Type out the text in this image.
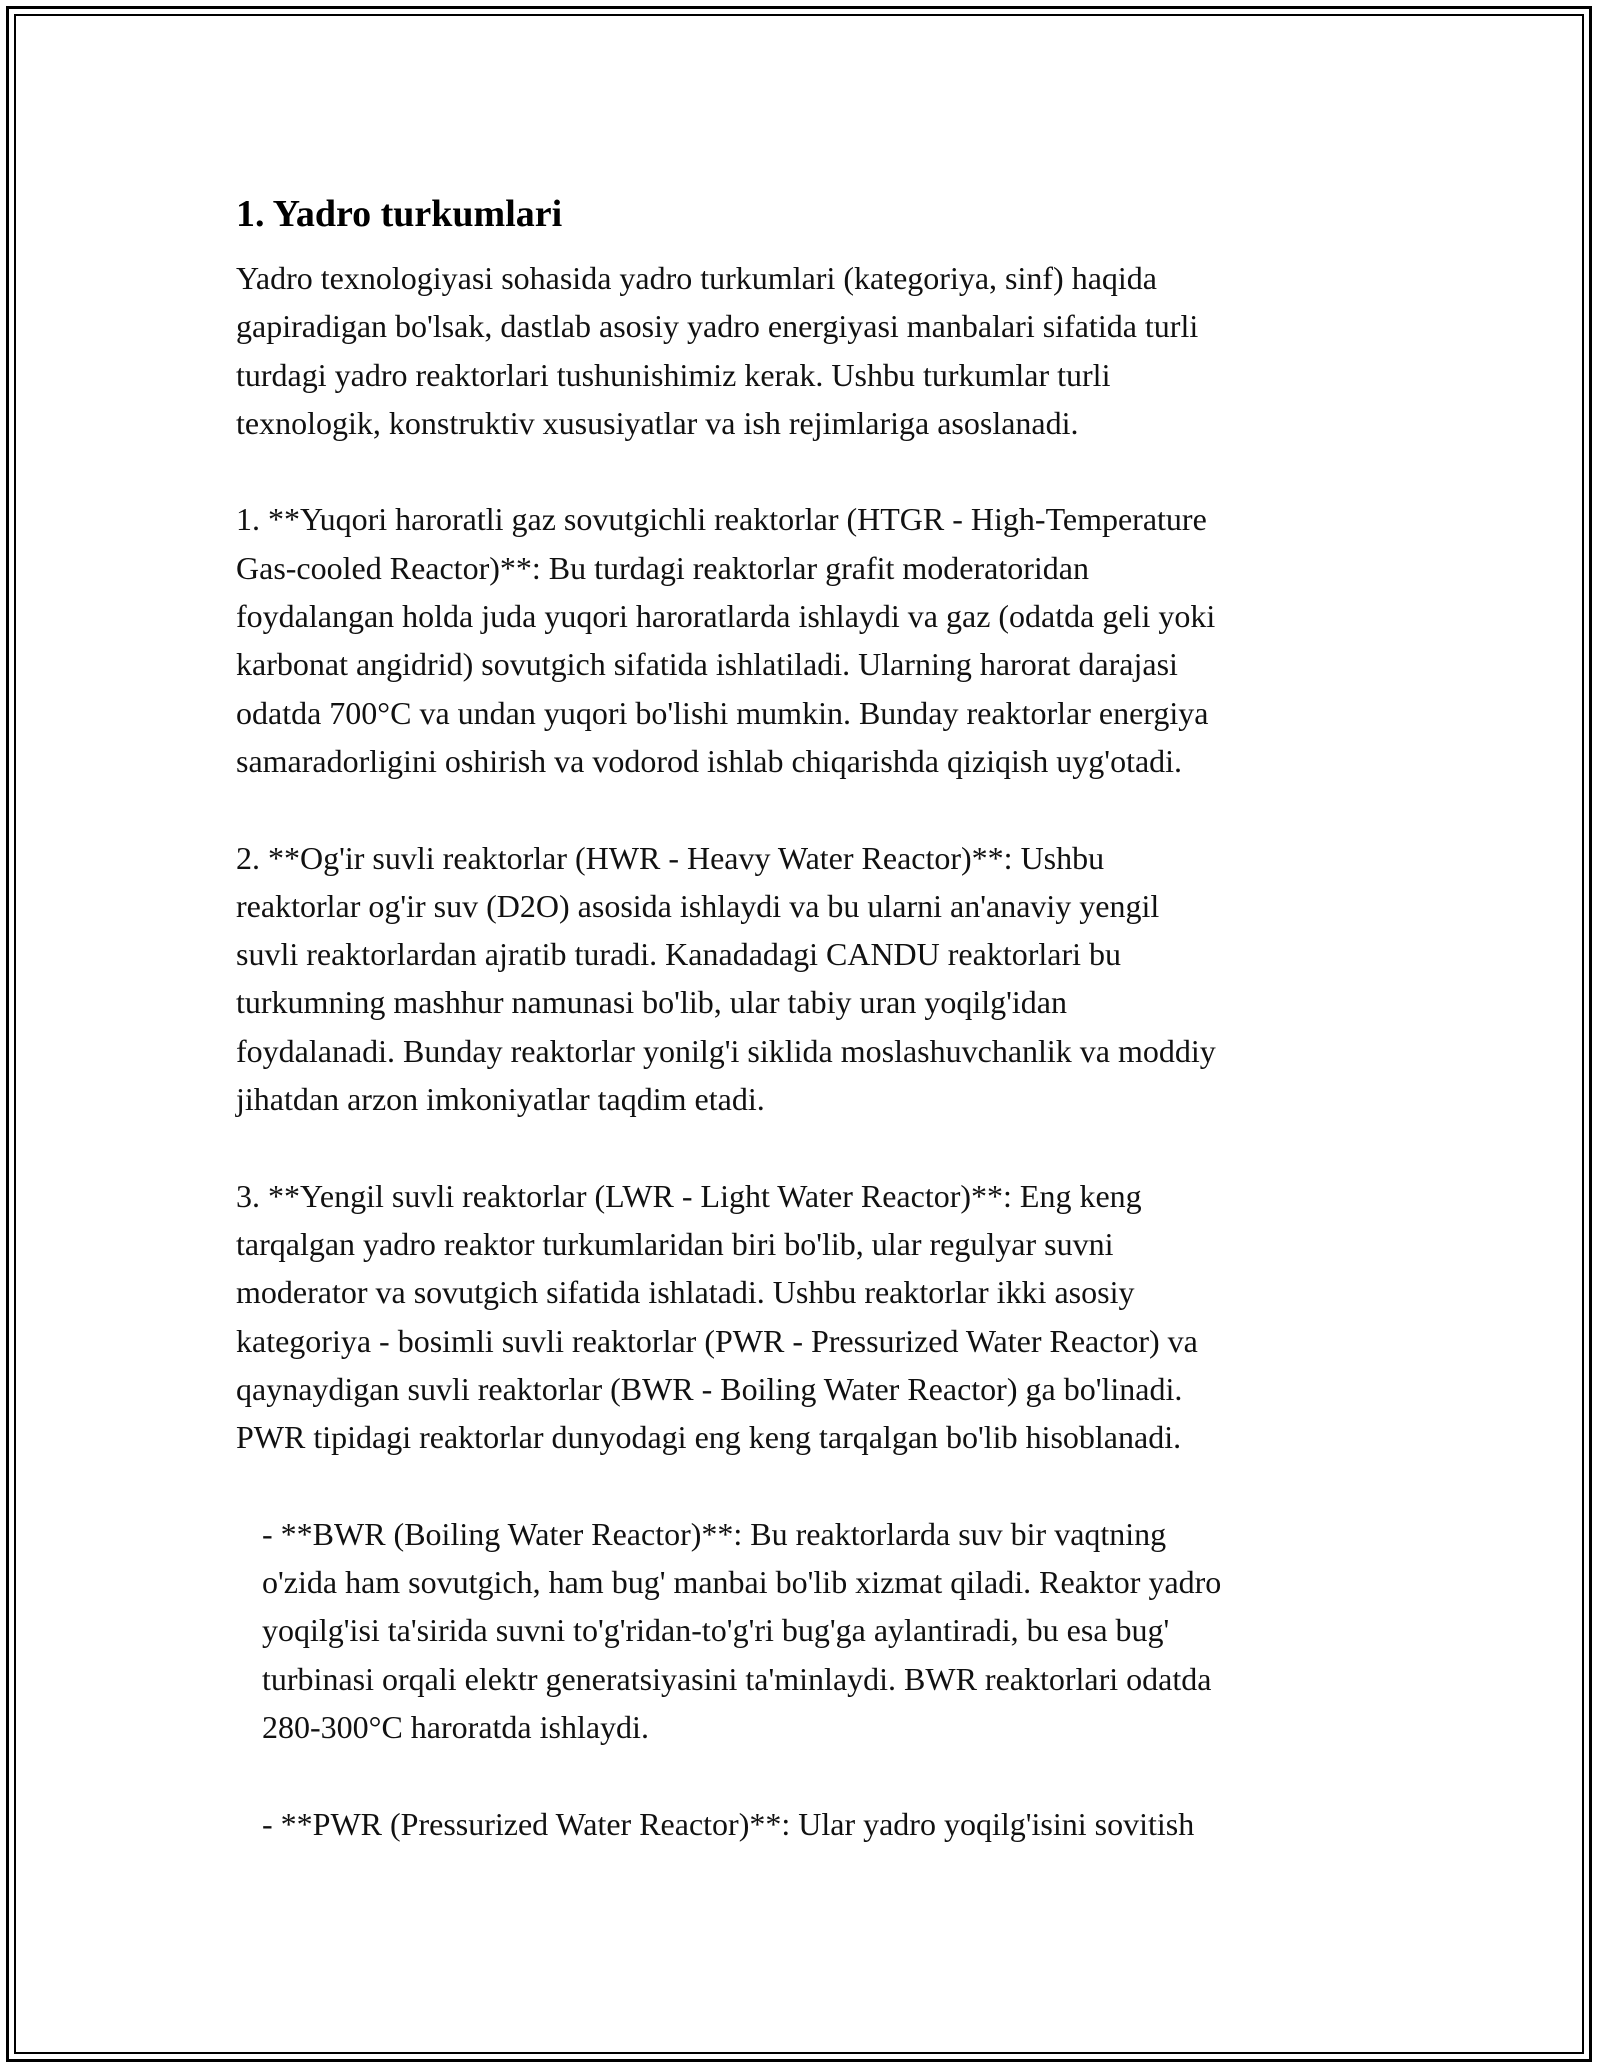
1. Yadro turkumlari

Yadro texnologiyasi sohasida yadro turkumlari (kategoriya, sinf) haqida
gapiradigan bo'lsak, dastlab asosiy yadro energiyasi manbalari sifatida turli
turdagi yadro reaktorlari tushunishimiz kerak. Ushbu turkumlar turli
texnologik, konstruktiv xususiyatlar va ish rejimlariga asoslanadi.

1. **Yuqori haroratli gaz sovutgichli reaktorlar (HTGR - High-Temperature
Gas-cooled Reactor)**: Bu turdagi reaktorlar grafit moderatoridan
foydalangan holda juda yuqori haroratlarda ishlaydi va gaz (odatda geli yoki
karbonat angidrid) sovutgich sifatida ishlatiladi. Ularning harorat darajasi
odatda 700°C va undan yuqori bo'lishi mumkin. Bunday reaktorlar energiya
samaradorligini oshirish va vodorod ishlab chiqarishda qiziqish uyg'otadi.

2. **Og'ir suvli reaktorlar (HWR - Heavy Water Reactor)**: Ushbu
reaktorlar og'ir suv (D2O) asosida ishlaydi va bu ularni an'anaviy yengil
suvli reaktorlardan ajratib turadi. Kanadadagi CANDU reaktorlari bu
turkumning mashhur namunasi bo'lib, ular tabiy uran yoqilg'idan
foydalanadi. Bunday reaktorlar yonilg'i siklida moslashuvchanlik va moddiy
jihatdan arzon imkoniyatlar taqdim etadi.

3. **Yengil suvli reaktorlar (LWR - Light Water Reactor)**: Eng keng
tarqalgan yadro reaktor turkumlaridan biri bo'lib, ular regulyar suvni
moderator va sovutgich sifatida ishlatadi. Ushbu reaktorlar ikki asosiy
kategoriya - bosimli suvli reaktorlar (PWR - Pressurized Water Reactor) va
qaynaydigan suvli reaktorlar (BWR - Boiling Water Reactor) ga bo'linadi.
PWR tipidagi reaktorlar dunyodagi eng keng tarqalgan bo'lib hisoblanadi.

- **BWR (Boiling Water Reactor)**: Bu reaktorlarda suv bir vaqtning
o'zida ham sovutgich, ham bug' manbai bo'lib xizmat qiladi. Reaktor yadro
yoqilg'isi ta'sirida suvni to'g'ridan-to'g'ri bug'ga aylantiradi, bu esa bug'
turbinasi orqali elektr generatsiyasini ta'minlaydi. BWR reaktorlari odatda
280-300°C haroratda ishlaydi.

- **PWR (Pressurized Water Reactor)**: Ular yadro yoqilg'isini sovitish
